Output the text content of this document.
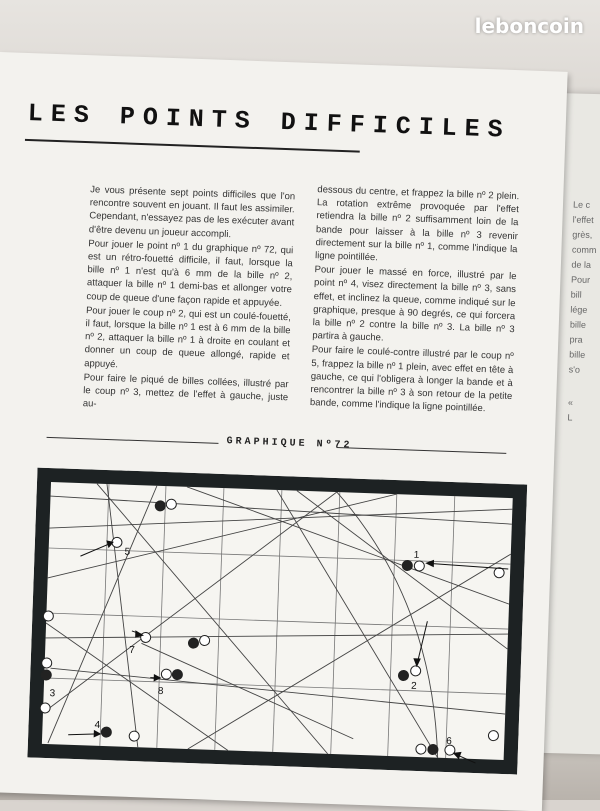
Le c
l'effet
grès,
comm
de la
Pour
bill
lége
bille
pra
bille
s'o
«
L
LES POINTS DIFFICILES

Je vous présente sept points difficiles que l'on rencontre souvent en jouant. Il faut les assimiler. Cependant, n'essayez pas de les exécuter avant d'être devenu un joueur accompli.

Pour jouer le point nº 1 du graphique nº 72, qui est un rétro-fouetté difficile, il faut, lorsque la bille nº 1 n'est qu'à 6 mm de la bille nº 2, attaquer la bille nº 1 demi-bas et allonger votre coup de queue d'une façon rapide et appuyée.

Pour jouer le coup nº 2, qui est un coulé-fouetté, il faut, lorsque la bille nº 1 est à 6 mm de la bille nº 2, attaquer la bille nº 1 à droite en coulant et donner un coup de queue allongé, rapide et appuyé.

Pour faire le piqué de billes collées, illustré par le coup nº 3, mettez de l'effet à gauche, juste au-

dessous du centre, et frappez la bille nº 2 plein. La rotation extrême provoquée par l'effet retiendra la bille nº 2 suffisamment loin de la bande pour laisser à la bille nº 3 revenir directement sur la bille nº 1, comme l'indique la ligne pointillée.

Pour jouer le massé en force, illustré par le point nº 4, visez directement la bille nº 3, sans effet, et inclinez la queue, comme indiqué sur le graphique, presque à 90 degrés, ce qui forcera la bille nº 2 contre la bille nº 3. La bille nº 3 partira à gauche.

Pour faire le coulé-contre illustré par le coup nº 5, frappez la bille nº 1 plein, avec effet en tête à gauche, ce qui l'obligera à longer la bande et à rencontrer la bille nº 3 à son retour de la petite bande, comme l'indique la ligne pointillée.

GRAPHIQUE Nº72
1
2
3
4
5
6
7
8
leboncoin
